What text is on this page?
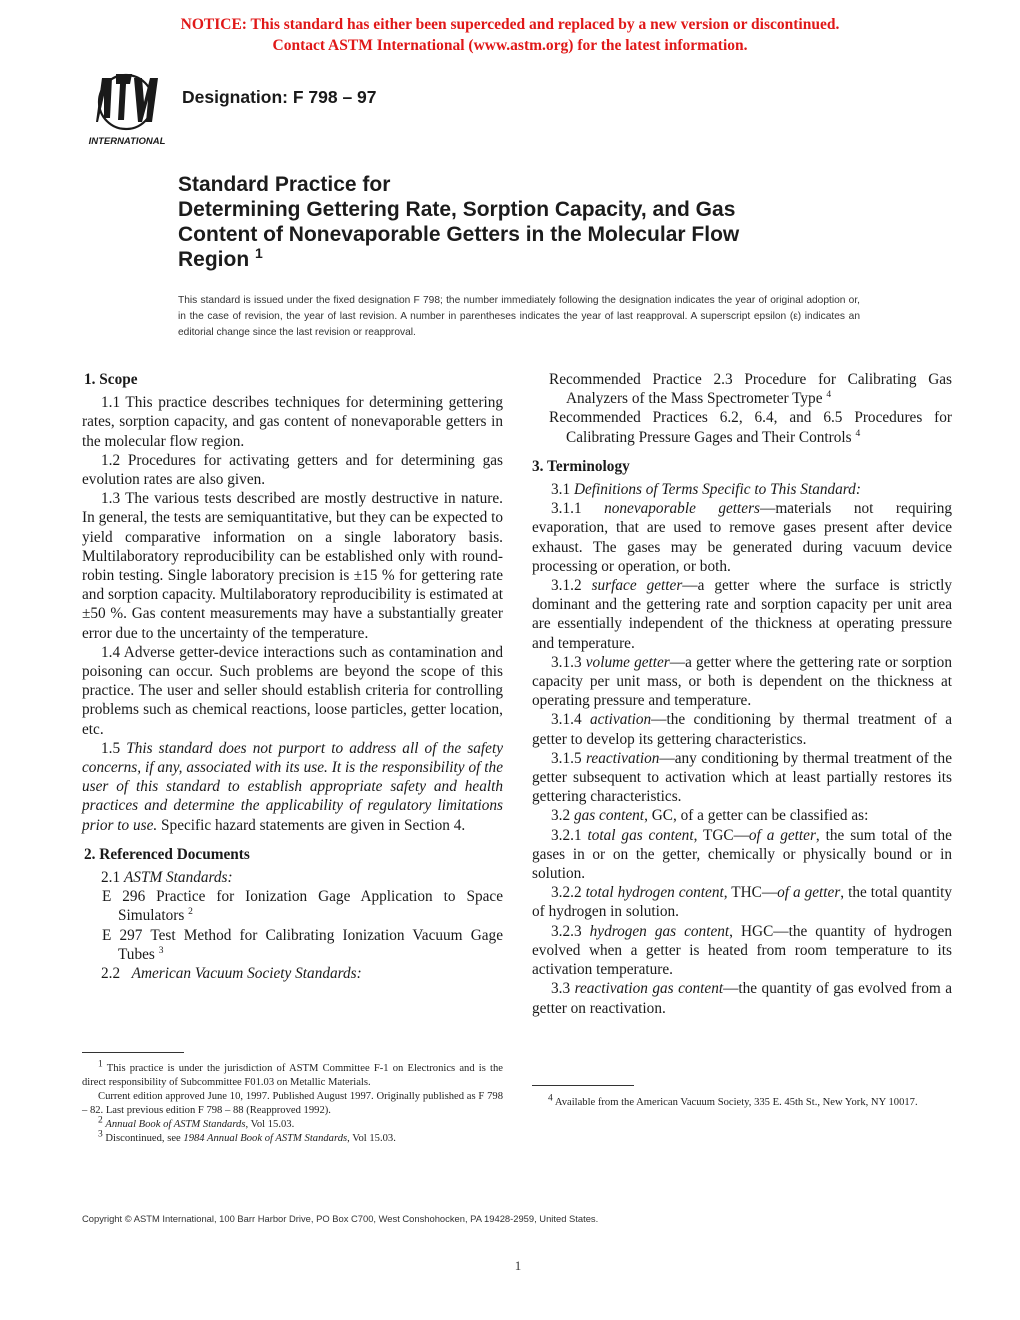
NOTICE: This standard has either been superceded and replaced by a new version or discontinued.
Contact ASTM International (www.astm.org) for the latest information.
INTERNATIONAL
Designation: F 798 – 97
Standard Practice for
Determining Gettering Rate, Sorption Capacity, and Gas
Content of Nonevaporable Getters in the Molecular Flow
Region $^1$
This standard is issued under the fixed designation F 798; the number immediately following the designation indicates the year of original adoption or, in the case of revision, the year of last revision. A number in parentheses indicates the year of last reapproval. A superscript epsilon (ε) indicates an editorial change since the last revision or reapproval.
1. Scope

1.1 This practice describes techniques for determining gettering rates, sorption capacity, and gas content of nonevaporable getters in the molecular flow region.

1.2 Procedures for activating getters and for determining gas evolution rates are also given.

1.3 The various tests described are mostly destructive in nature. In general, the tests are semiquantitative, but they can be expected to yield comparative information on a single laboratory basis. Multilaboratory reproducibility can be established only with round-robin testing. Single laboratory precision is ±15 % for gettering rate and sorption capacity. Multilaboratory reproducibility is estimated at ±50 %. Gas content measurements may have a substantially greater error due to the uncertainty of the temperature.

1.4 Adverse getter-device interactions such as contamination and poisoning can occur. Such problems are beyond the scope of this practice. The user and seller should establish criteria for controlling problems such as chemical reactions, loose particles, getter location, etc.

1.5 This standard does not purport to address all of the safety concerns, if any, associated with its use. It is the responsibility of the user of this standard to establish appropriate safety and health practices and determine the applicability of regulatory limitations prior to use. Specific hazard statements are given in Section 4.

2. Referenced Documents

2.1 ASTM Standards:

E 296 Practice for Ionization Gage Application to Space Simulators $^2$

E 297 Test Method for Calibrating Ionization Vacuum Gage Tubes $^3$

2.2 American Vacuum Society Standards:

Recommended Practice 2.3 Procedure for Calibrating Gas Analyzers of the Mass Spectrometer Type $^4$

Recommended Practices 6.2, 6.4, and 6.5 Procedures for Calibrating Pressure Gages and Their Controls $^4$

3. Terminology

3.1 Definitions of Terms Specific to This Standard:

3.1.1 nonevaporable getters—materials not requiring evaporation, that are used to remove gases present after device exhaust. The gases may be generated during vacuum device processing or operation, or both.

3.1.2 surface getter—a getter where the surface is strictly dominant and the gettering rate and sorption capacity per unit area are essentially independent of the thickness at operating pressure and temperature.

3.1.3 volume getter—a getter where the gettering rate or sorption capacity per unit mass, or both is dependent on the thickness at operating pressure and temperature.

3.1.4 activation—the conditioning by thermal treatment of a getter to develop its gettering characteristics.

3.1.5 reactivation—any conditioning by thermal treatment of the getter subsequent to activation which at least partially restores its gettering characteristics.

3.2 gas content, GC, of a getter can be classified as:

3.2.1 total gas content, TGC—of a getter, the sum total of the gases in or on the getter, chemically or physically bound or in solution.

3.2.2 total hydrogen content, THC—of a getter, the total quantity of hydrogen in solution.

3.2.3 hydrogen gas content, HGC—the quantity of hydrogen evolved when a getter is heated from room temperature to its activation temperature.

3.3 reactivation gas content—the quantity of gas evolved from a getter on reactivation.

$^1$ This practice is under the jurisdiction of ASTM Committee F-1 on Electronics and is the direct responsibility of Subcommittee F01.03 on Metallic Materials.

Current edition approved June 10, 1997. Published August 1997. Originally published as F 798 – 82. Last previous edition F 798 – 88 (Reapproved 1992).

$^2$ Annual Book of ASTM Standards, Vol 15.03.

$^3$ Discontinued, see 1984 Annual Book of ASTM Standards, Vol 15.03.

$^4$ Available from the American Vacuum Society, 335 E. 45th St., New York, NY 10017.

Copyright © ASTM International, 100 Barr Harbor Drive, PO Box C700, West Conshohocken, PA 19428-2959, United States.
1
